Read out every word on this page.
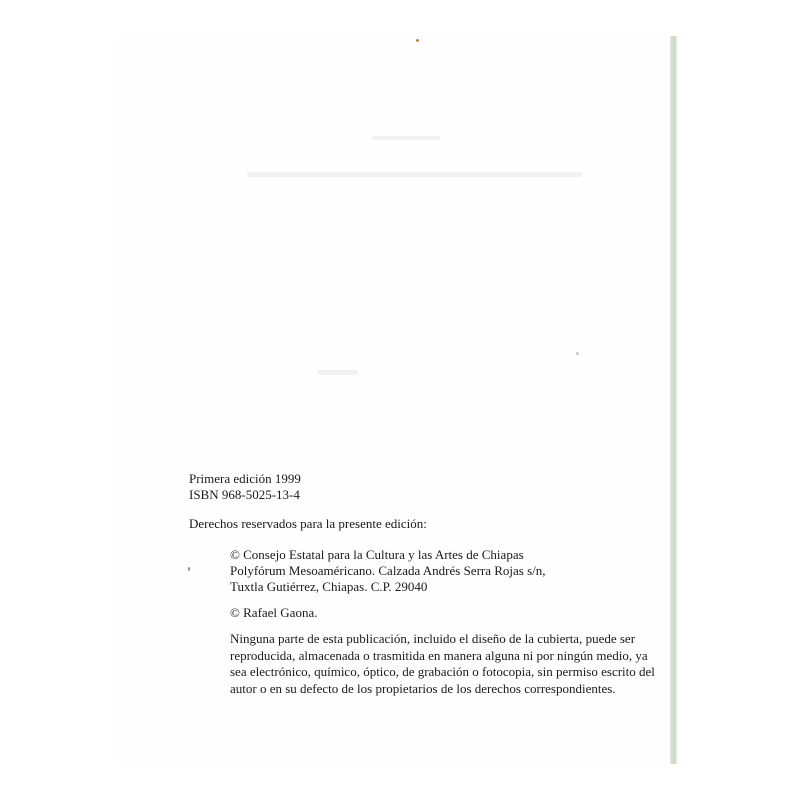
Primera edición 1999
ISBN 968-5025-13-4
Derechos reservados para la presente edición:
© Consejo Estatal para la Cultura y las Artes de Chiapas
Polyfórum Mesoaméricano. Calzada Andrés Serra Rojas s/n,
Tuxtla Gutiérrez, Chiapas. C.P. 29040
© Rafael Gaona.
Ninguna parte de esta publicación, incluido el diseño de la cubierta, puede ser
reproducida, almacenada o trasmitida en manera alguna ni por ningún medio, ya
sea electrónico, químico, óptico, de grabación o fotocopia, sin permiso escrito del
autor o en su defecto de los propietarios de los derechos correspondientes.
